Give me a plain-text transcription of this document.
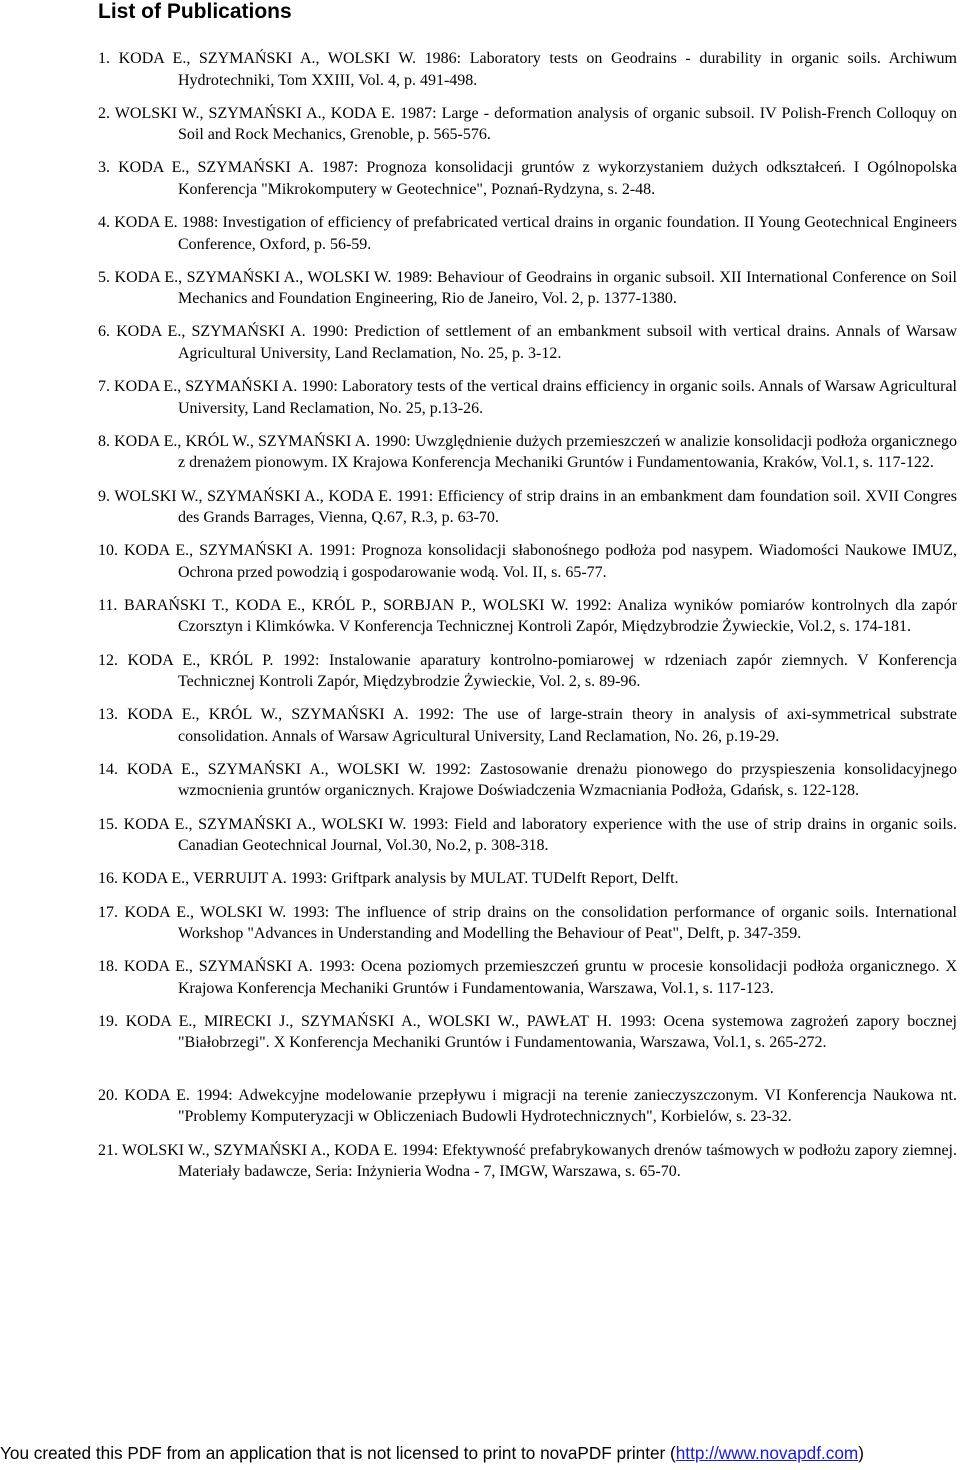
List of Publications
1. KODA E., SZYMAŃSKI A., WOLSKI W. 1986: Laboratory tests on Geodrains - durability in organic soils. Archiwum Hydrotechniki, Tom XXIII, Vol. 4, p. 491-498.
2. WOLSKI W., SZYMAŃSKI A., KODA E. 1987: Large - deformation analysis of organic subsoil. IV Polish-French Colloquy on Soil and Rock Mechanics, Grenoble, p. 565-576.
3. KODA E., SZYMAŃSKI A. 1987: Prognoza konsolidacji gruntów z wykorzystaniem dużych odkształceń. I Ogólnopolska Konferencja "Mikrokomputery w Geotechnice", Poznań-Rydzyna, s. 2-48.
4. KODA E. 1988: Investigation of efficiency of prefabricated vertical drains in organic foundation. II Young Geotechnical Engineers Conference, Oxford, p. 56-59.
5. KODA E., SZYMAŃSKI A., WOLSKI W. 1989: Behaviour of Geodrains in organic subsoil. XII International Conference on Soil Mechanics and Foundation Engineering, Rio de Janeiro, Vol. 2, p. 1377-1380.
6. KODA E., SZYMAŃSKI A. 1990: Prediction of settlement of an embankment subsoil with vertical drains. Annals of Warsaw Agricultural University, Land Reclamation, No. 25, p. 3-12.
7. KODA E., SZYMAŃSKI A. 1990: Laboratory tests of the vertical drains efficiency in organic soils. Annals of Warsaw Agricultural University, Land Reclamation, No. 25, p.13-26.
8. KODA E., KRÓL W., SZYMAŃSKI A. 1990: Uwzględnienie dużych przemieszczeń w analizie konsolidacji podłoża organicznego z drenażem pionowym. IX Krajowa Konferencja Mechaniki Gruntów i Fundamentowania, Kraków, Vol.1, s. 117-122.
9. WOLSKI W., SZYMAŃSKI A., KODA E. 1991: Efficiency of strip drains in an embankment dam foundation soil. XVII Congres des Grands Barrages, Vienna, Q.67, R.3, p. 63-70.
10. KODA E., SZYMAŃSKI A. 1991: Prognoza konsolidacji słabonośnego podłoża pod nasypem. Wiadomości Naukowe IMUZ, Ochrona przed powodzią i gospodarowanie wodą. Vol. II, s. 65-77.
11. BARAŃSKI T., KODA E., KRÓL P., SORBJAN P., WOLSKI W. 1992: Analiza wyników pomiarów kontrolnych dla zapór Czorsztyn i Klimkówka. V Konferencja Technicznej Kontroli Zapór, Międzybrodzie Żywieckie, Vol.2, s. 174-181.
12. KODA E., KRÓL P. 1992: Instalowanie aparatury kontrolno-pomiarowej w rdzeniach zapór ziemnych. V Konferencja Technicznej Kontroli Zapór, Międzybrodzie Żywieckie, Vol. 2, s. 89-96.
13. KODA E., KRÓL W., SZYMAŃSKI A. 1992: The use of large-strain theory in analysis of axi-symmetrical substrate consolidation. Annals of Warsaw Agricultural University, Land Reclamation, No. 26, p.19-29.
14. KODA E., SZYMAŃSKI A., WOLSKI W. 1992: Zastosowanie drenażu pionowego do przyspieszenia konsolidacyjnego wzmocnienia gruntów organicznych. Krajowe Doświadczenia Wzmacniania Podłoża, Gdańsk, s. 122-128.
15. KODA E., SZYMAŃSKI A., WOLSKI W. 1993: Field and laboratory experience with the use of strip drains in organic soils. Canadian Geotechnical Journal, Vol.30, No.2, p. 308-318.
16. KODA E., VERRUIJT A. 1993: Griftpark analysis by MULAT. TUDelft Report, Delft.
17. KODA E., WOLSKI W. 1993: The influence of strip drains on the consolidation performance of organic soils. International Workshop "Advances in Understanding and Modelling the Behaviour of Peat", Delft, p. 347-359.
18. KODA E., SZYMAŃSKI A. 1993: Ocena poziomych przemieszczeń gruntu w procesie konsolidacji podłoża organicznego. X Krajowa Konferencja Mechaniki Gruntów i Fundamentowania, Warszawa, Vol.1, s. 117-123.
19. KODA E., MIRECKI J., SZYMAŃSKI A., WOLSKI W., PAWŁAT H. 1993: Ocena systemowa zagrożeń zapory bocznej "Białobrzegi". X Konferencja Mechaniki Gruntów i Fundamentowania, Warszawa, Vol.1, s. 265-272.
20. KODA E. 1994: Adwekcyjne modelowanie przepływu i migracji na terenie zanieczyszczonym. VI Konferencja Naukowa nt. "Problemy Komputeryzacji w Obliczeniach Budowli Hydrotechnicznych", Korbielów, s. 23-32.
21. WOLSKI W., SZYMAŃSKI A., KODA E. 1994: Efektywność prefabrykowanych drenów taśmowych w podłożu zapory ziemnej. Materiały badawcze, Seria: Inżynieria Wodna - 7, IMGW, Warszawa, s. 65-70.
You created this PDF from an application that is not licensed to print to novaPDF printer (http://www.novapdf.com)
